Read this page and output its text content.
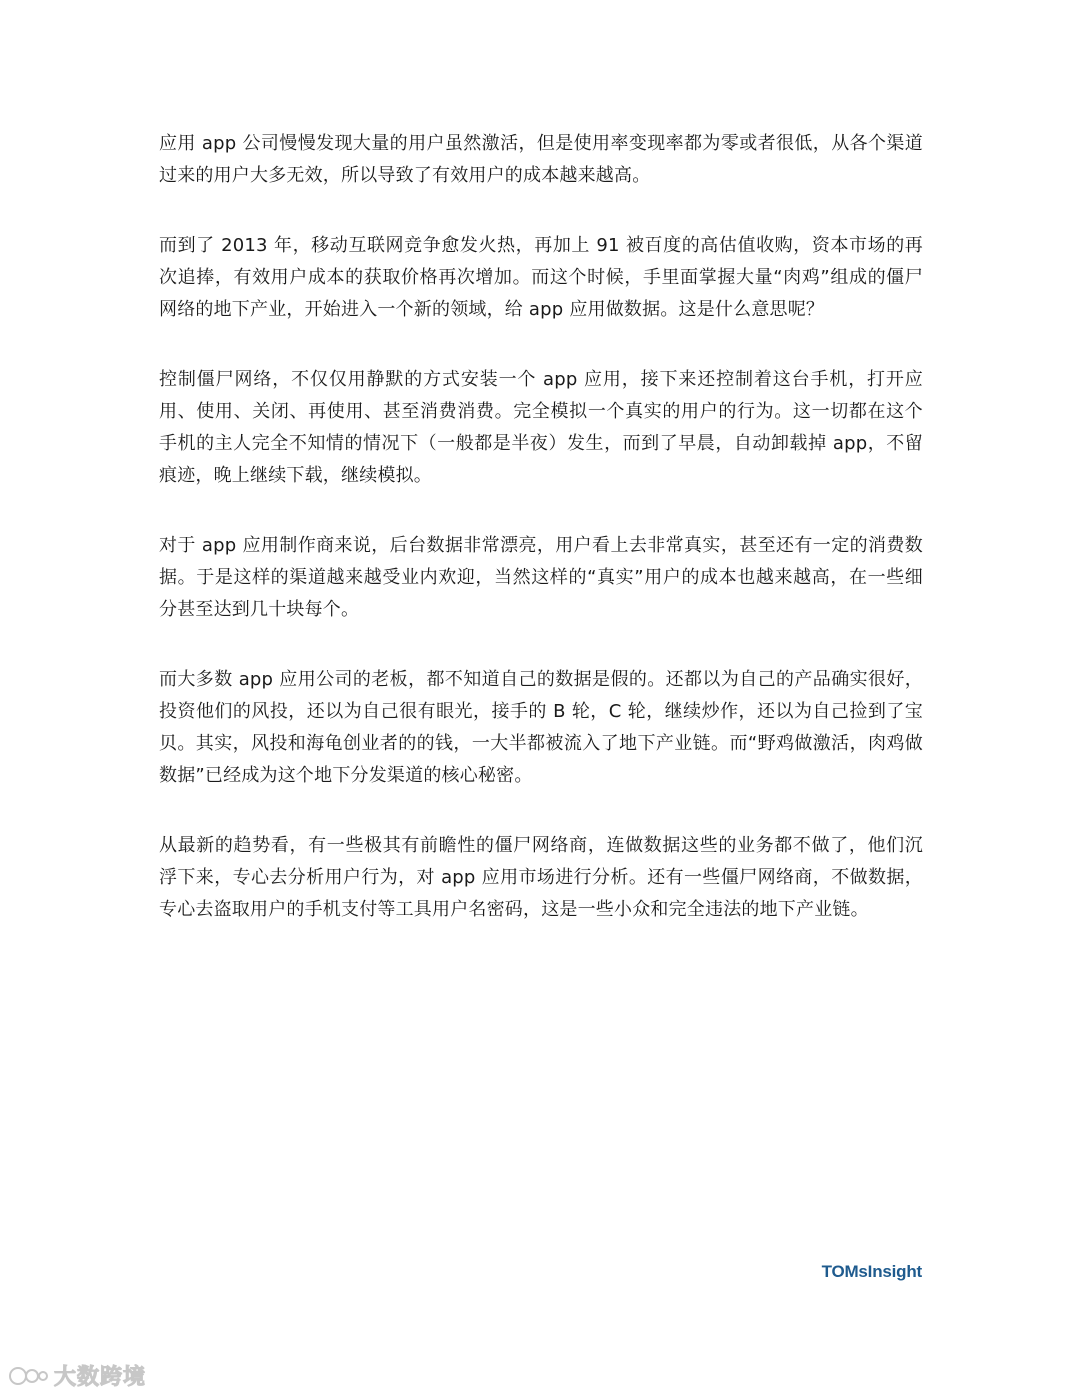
应用 app 公司慢慢发现大量的用户虽然激活，但是使用率变现率都为零或者很低，从各个渠道过来的用户大多无效，所以导致了有效用户的成本越来越高。

而到了 2013 年，移动互联网竞争愈发火热，再加上 91 被百度的高估值收购，资本市场的再次追捧，有效用户成本的获取价格再次增加。而这个时候，手里面掌握大量“肉鸡”组成的僵尸网络的地下产业，开始进入一个新的领域，给 app 应用做数据。这是什么意思呢？

控制僵尸网络，不仅仅用静默的方式安装一个 app 应用，接下来还控制着这台手机，打开应用、使用、关闭、再使用、甚至消费消费。完全模拟一个真实的用户的行为。这一切都在这个手机的主人完全不知情的情况下（一般都是半夜）发生，而到了早晨，自动卸载掉 app，不留痕迹，晚上继续下载，继续模拟。

对于 app 应用制作商来说，后台数据非常漂亮，用户看上去非常真实，甚至还有一定的消费数据。于是这样的渠道越来越受业内欢迎，当然这样的“真实”用户的成本也越来越高，在一些细分甚至达到几十块每个。

而大多数 app 应用公司的老板，都不知道自己的数据是假的。还都以为自己的产品确实很好，投资他们的风投，还以为自己很有眼光，接手的 B 轮，C 轮，继续炒作，还以为自己捡到了宝贝。其实，风投和海龟创业者的的钱，一大半都被流入了地下产业链。而“野鸡做激活，肉鸡做数据”已经成为这个地下分发渠道的核心秘密。

从最新的趋势看，有一些极其有前瞻性的僵尸网络商，连做数据这些的业务都不做了，他们沉浮下来，专心去分析用户行为，对 app 应用市场进行分析。还有一些僵尸网络商，不做数据，专心去盗取用户的手机支付等工具用户名密码，这是一些小众和完全违法的地下产业链。

TOMsInsight
大数跨境
